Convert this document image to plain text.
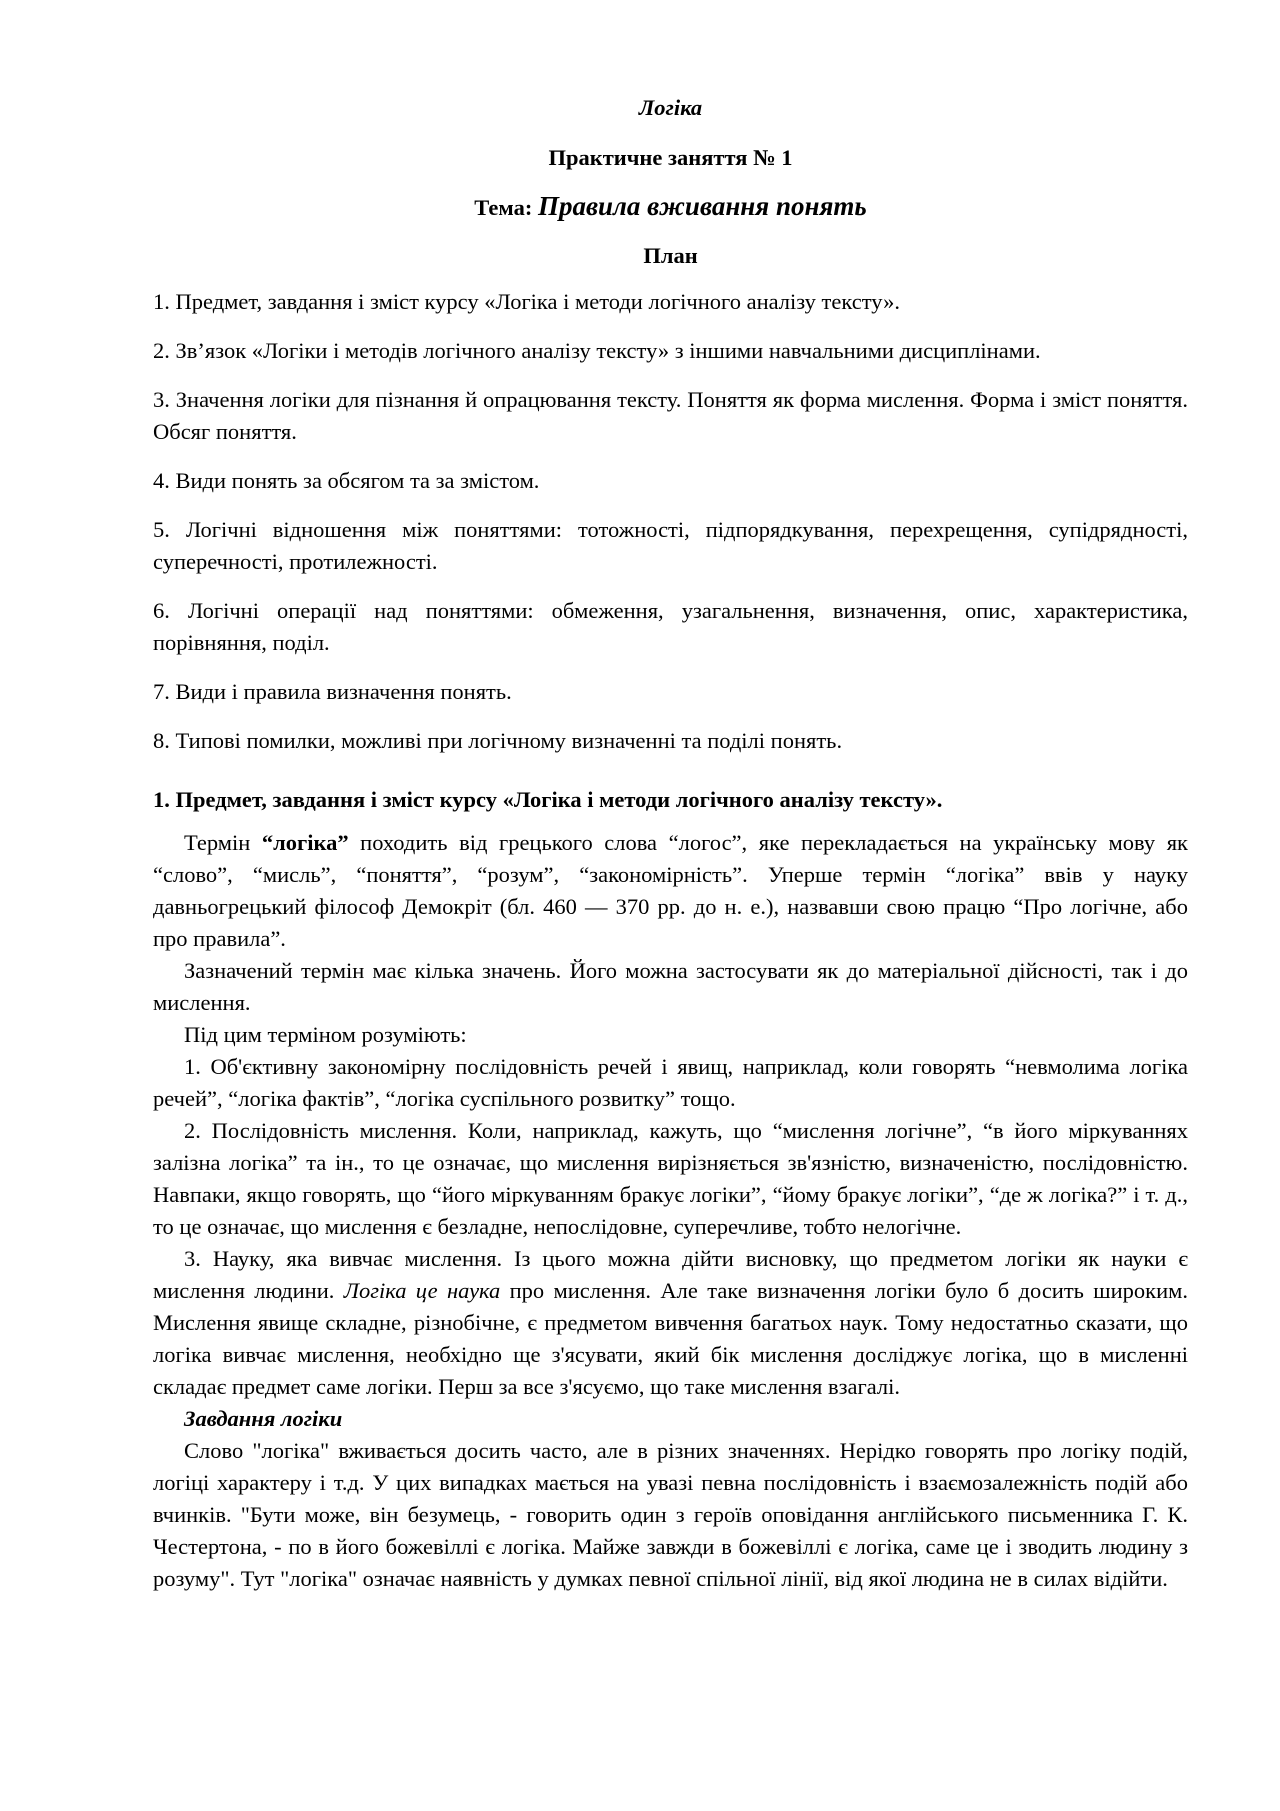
Логіка

Практичне заняття № 1

Тема: Правила вживання понять

План

1. Предмет, завдання і зміст курсу «Логіка і методи логічного аналізу тексту».

2. Зв’язок «Логіки і методів логічного аналізу тексту» з іншими навчальними дисциплінами.

3. Значення логіки для пізнання й опрацювання тексту. Поняття як форма мислення. Форма і зміст поняття. Обсяг поняття.

4. Види понять за обсягом та за змістом.

5. Логічні відношення між поняттями: тотожності, підпорядкування, перехрещення, супідрядності, суперечності, протилежності.

6. Логічні операції над поняттями: обмеження, узагальнення, визначення, опис, характеристика, порівняння, поділ.

7. Види і правила визначення понять.

8. Типові помилки, можливі при логічному визначенні та поділі понять.

1. Предмет, завдання і зміст курсу «Логіка і методи логічного аналізу тексту».

Термін “логіка” походить від грецького слова “логос”, яке перекладається на українську мову як “слово”, “мисль”, “поняття”, “розум”, “закономірність”. Уперше термін “логіка” ввів у науку давньогрецький філософ Демокріт (бл. 460 — 370 рр. до н. е.), назвавши свою працю “Про логічне, або про правила”.

Зазначений термін має кілька значень. Його можна застосувати як до матеріальної дійсності, так і до мислення.

Під цим терміном розуміють:

1. Об'єктивну закономірну послідовність речей і явищ, наприклад, коли говорять “невмолима логіка речей”, “логіка фактів”, “логіка суспільного розвитку” тощо.

2. Послідовність мислення. Коли, наприклад, кажуть, що “мислення логічне”, “в його міркуваннях залізна логіка” та ін., то це означає, що мислення вирізняється зв'язністю, визначеністю, послідовністю. Навпаки, якщо говорять, що “його міркуванням бракує логіки”, “йому бракує логіки”, “де ж логіка?” і т. д., то це означає, що мислення є безладне, непослідовне, суперечливе, тобто нелогічне.

3. Науку, яка вивчає мислення. Із цього можна дійти висновку, що предметом логіки як науки є мислення людини. Логіка це наука про мислення. Але таке визначення логіки було б досить широким. Мислення явище складне, різнобічне, є предметом вивчення багатьох наук. Тому недостатньо сказати, що логіка вивчає мислення, необхідно ще з'ясувати, який бік мислення досліджує логіка, що в мисленні складає предмет саме логіки. Перш за все з'ясуємо, що таке мислення взагалі.

Завдання логіки

Слово "логіка" вживається досить часто, але в різних значеннях. Нерідко говорять про логіку подій, логіці характеру і т.д. У цих випадках мається на увазі певна послідовність і взаємозалежність подій або вчинків. "Бути може, він безумець, - говорить один з героїв оповідання англійського письменника Г. К. Честертона, - по в його божевіллі є логіка. Майже завжди в божевіллі є логіка, саме це і зводить людину з розуму". Тут "логіка" означає наявність у думках певної спільної лінії, від якої людина не в силах відійти.
